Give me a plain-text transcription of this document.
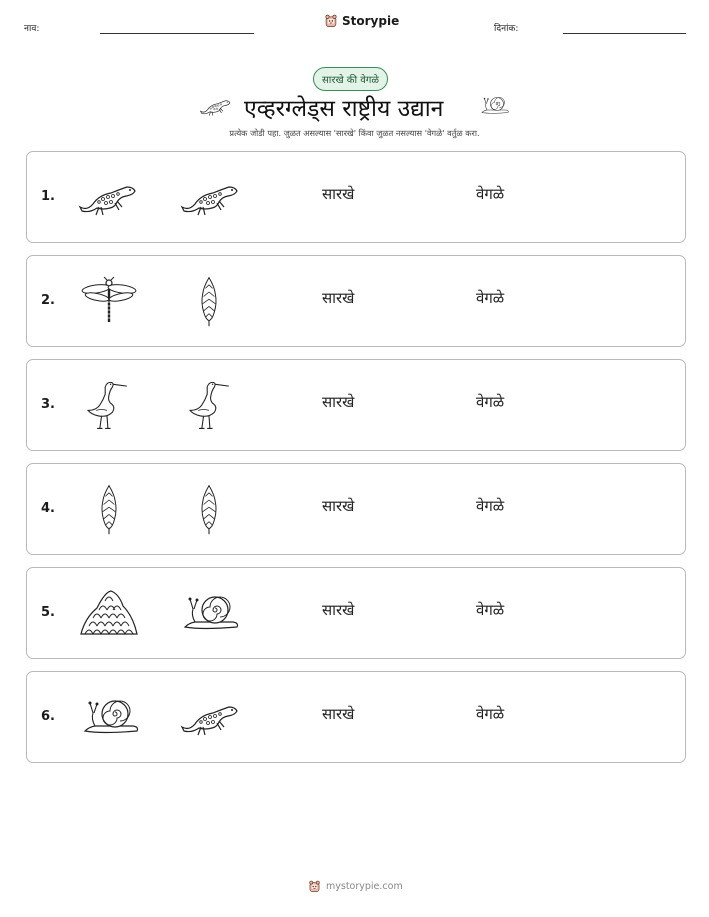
नाव:
Storypie
दिनांक:
सारखे की वेगळे
एव्हरग्लेड्स राष्ट्रीय उद्यान
प्रत्येक जोडी पहा. जुळत असल्यास 'सारखे' किंवा जुळत नसल्यास 'वेगळे' वर्तुळ करा.
1.	सारखे	वेगळे
2.	सारखे	वेगळे
3.	सारखे	वेगळे
4.	सारखे	वेगळे
5.	सारखे	वेगळे
6.	सारखे	वेगळे
mystorypie.com
